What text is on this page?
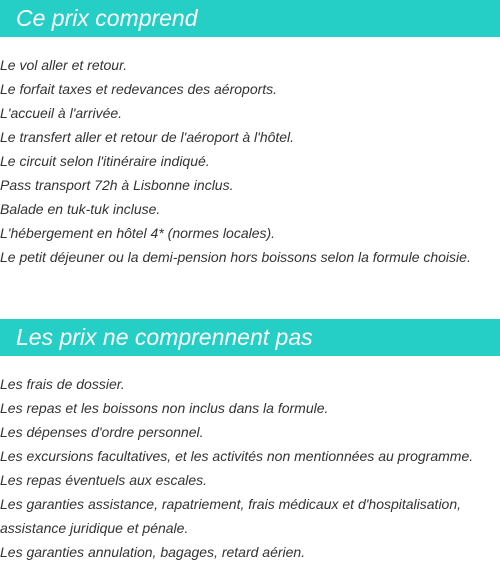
Ce prix comprend
Le vol aller et retour.
Le forfait taxes et redevances des aéroports.
L'accueil à l'arrivée.
Le transfert aller et retour de l'aéroport à l'hôtel.
Le circuit selon l'itinéraire indiqué.
Pass transport 72h à Lisbonne inclus.
Balade en tuk-tuk incluse.
L'hébergement en hôtel 4* (normes locales).
Le petit déjeuner ou la demi-pension hors boissons selon la formule choisie.
Les prix ne comprennent pas
Les frais de dossier.
Les repas et les boissons non inclus dans la formule.
Les dépenses d'ordre personnel.
Les excursions facultatives, et les activités non mentionnées au programme.
Les repas éventuels aux escales.
Les garanties assistance, rapatriement, frais médicaux et d'hospitalisation,
assistance juridique et pénale.
Les garanties annulation, bagages, retard aérien.
